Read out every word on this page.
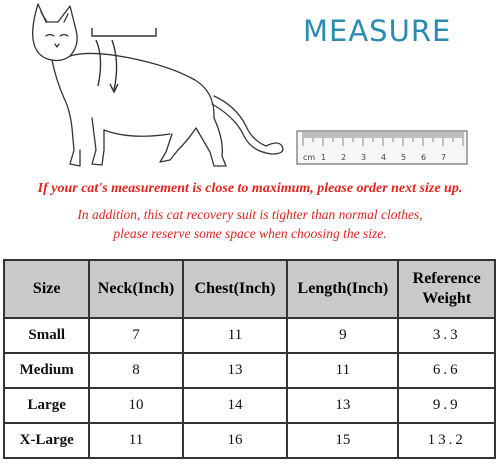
cm 1 2 3 4 5 6 7
MEASURE
If your cat's measurement is close to maximum, please order next size up.
In addition, this cat recovery suit is tighter than normal clothes,
please reserve some space when choosing the size.
Size	Neck(Inch)	Chest(Inch)	Length(Inch)	Reference Weight
Small	7	11	9	3.3
Medium	8	13	11	6.6
Large	10	14	13	9.9
X-Large	11	16	15	13.2
